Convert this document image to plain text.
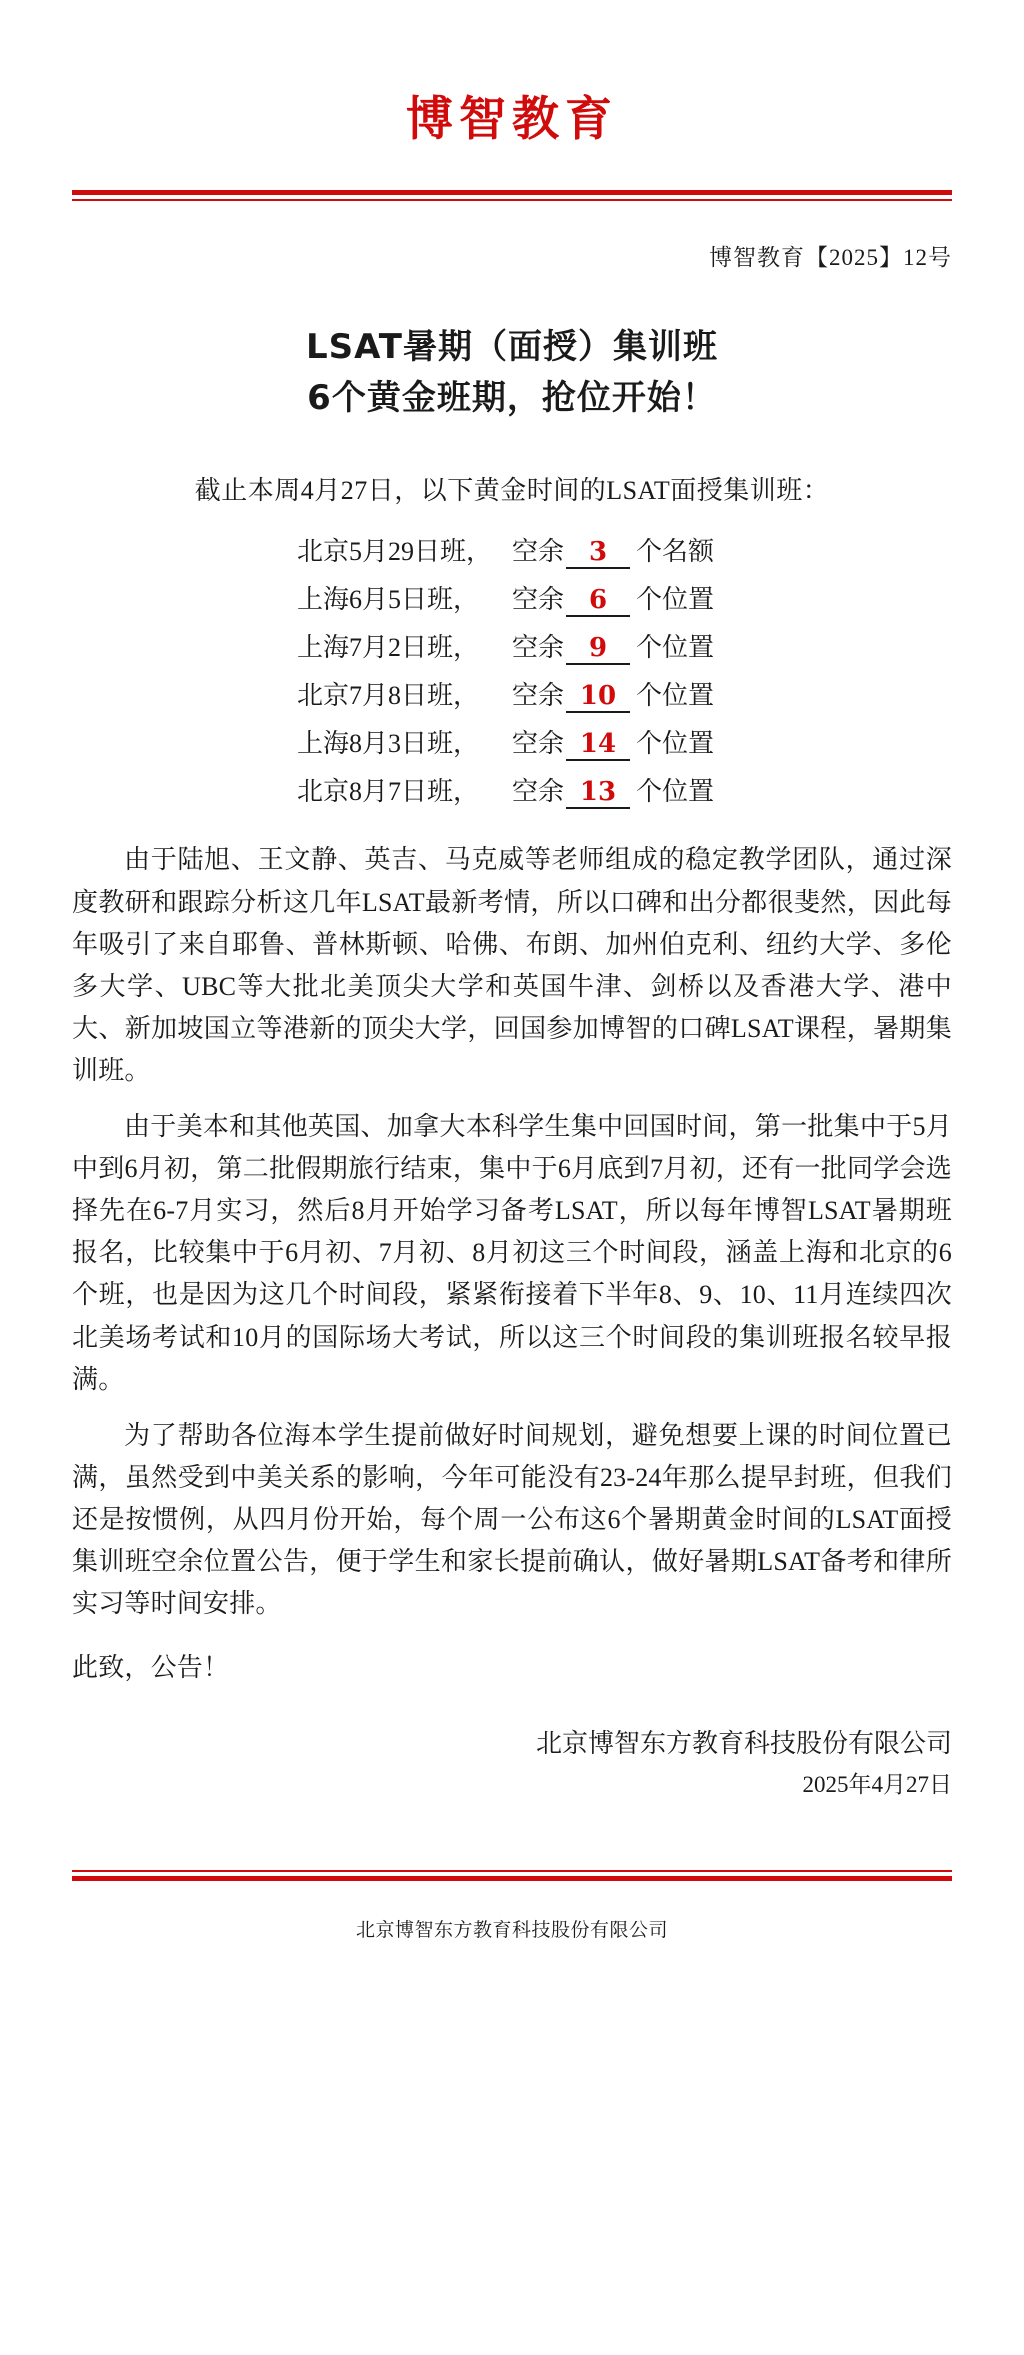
博智教育
博智教育【2025】12号
LSAT暑期（面授）集训班
6个黄金班期，抢位开始！
截止本周4月27日，以下黄金时间的LSAT面授集训班：
北京5月29日班， 空余 3	个名额
上海6月5日班，	空余 6	个位置
上海7月2日班，	空余 9	个位置
北京7月8日班，	空余 10 个位置
上海8月3日班，	空余 14 个位置
北京8月7日班，	空余 13 个位置

由于陆旭、王文静、英吉、马克威等老师组成的稳定教学团队，通过深度教研和跟踪分析这几年LSAT最新考情，所以口碑和出分都很斐然，因此每年吸引了来自耶鲁、普林斯顿、哈佛、布朗、加州伯克利、纽约大学、多伦多大学、UBC等大批北美顶尖大学和英国牛津、剑桥以及香港大学、港中大、新加坡国立等港新的顶尖大学，回国参加博智的口碑LSAT课程，暑期集训班。

由于美本和其他英国、加拿大本科学生集中回国时间，第一批集中于5月中到6月初，第二批假期旅行结束，集中于6月底到7月初，还有一批同学会选择先在6-7月实习，然后8月开始学习备考LSAT，所以每年博智LSAT暑期班报名，比较集中于6月初、7月初、8月初这三个时间段，涵盖上海和北京的6个班，也是因为这几个时间段，紧紧衔接着下半年8、9、10、11月连续四次北美场考试和10月的国际场大考试，所以这三个时间段的集训班报名较早报满。

为了帮助各位海本学生提前做好时间规划，避免想要上课的时间位置已满，虽然受到中美关系的影响，今年可能没有23-24年那么提早封班，但我们还是按惯例，从四月份开始，每个周一公布这6个暑期黄金时间的LSAT面授集训班空余位置公告，便于学生和家长提前确认，做好暑期LSAT备考和律所实习等时间安排。

此致，公告！

北京博智东方教育科技股份有限公司
2025年4月27日
北京博智东方教育科技股份有限公司
